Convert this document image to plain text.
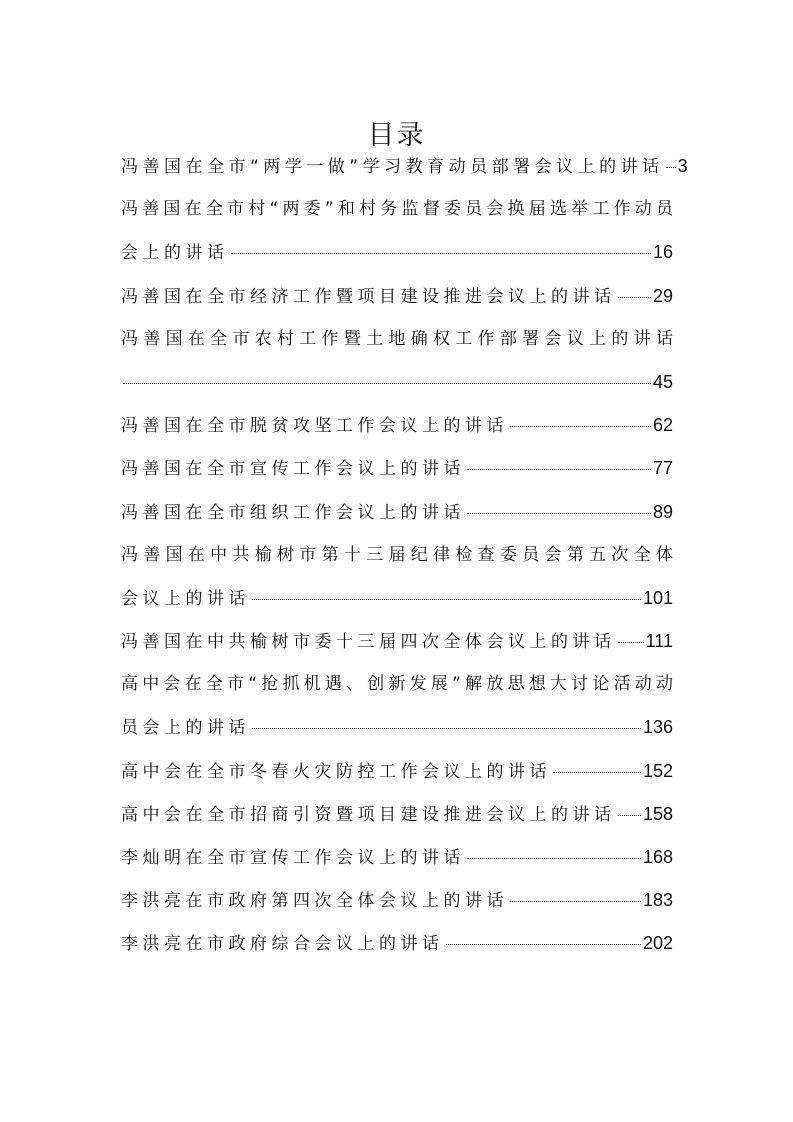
目录
冯善国在全市“两学一做”学习教育动员部署会议上的讲话 3
冯善国在全市村“两委”和村务监督委员会换届选举工作动员
会上的讲话	16
冯善国在全市经济工作暨项目建设推进会议上的讲话 29
冯善国在全市农村工作暨土地确权工作部署会议上的讲话
45
冯善国在全市脱贫攻坚工作会议上的讲话	62
冯善国在全市宣传工作会议上的讲话	77
冯善国在全市组织工作会议上的讲话	89
冯善国在中共榆树市第十三届纪律检查委员会第五次全体
会议上的讲话	101
冯善国在中共榆树市委十三届四次全体会议上的讲话 111
高中会在全市“抢抓机遇、创新发展”解放思想大讨论活动动
员会上的讲话	136
高中会在全市冬春火灾防控工作会议上的讲话	152
高中会在全市招商引资暨项目建设推进会议上的讲话 158
李灿明在全市宣传工作会议上的讲话	168
李洪亮在市政府第四次全体会议上的讲话	183
李洪亮在市政府综合会议上的讲话	202
